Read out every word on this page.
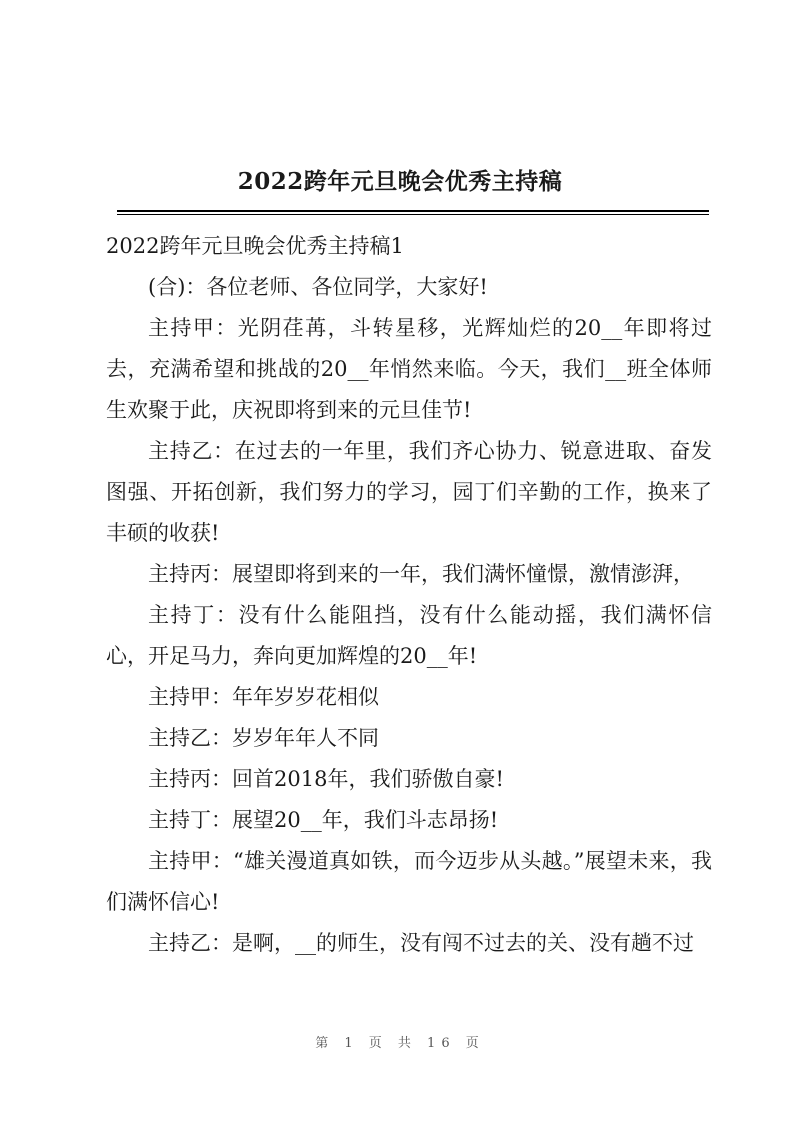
2022跨年元旦晚会优秀主持稿

2022跨年元旦晚会优秀主持稿1

(合)：各位老师、各位同学，大家好!

主持甲：光阴荏苒，斗转星移，光辉灿烂的20__年即将过去，充满希望和挑战的20__年悄然来临。今天，我们__班全体师生欢聚于此，庆祝即将到来的元旦佳节!

主持乙：在过去的一年里，我们齐心协力、锐意进取、奋发图强、开拓创新，我们努力的学习，园丁们辛勤的工作，换来了丰硕的收获!

主持丙：展望即将到来的一年，我们满怀憧憬，激情澎湃，

主持丁：没有什么能阻挡，没有什么能动摇，我们满怀信心，开足马力，奔向更加辉煌的20__年!

主持甲：年年岁岁花相似

主持乙：岁岁年年人不同

主持丙：回首2018年，我们骄傲自豪!

主持丁：展望20__年，我们斗志昂扬!

主持甲：“雄关漫道真如铁，而今迈步从头越。”展望未来，我们满怀信心!

主持乙：是啊，__的师生，没有闯不过去的关、没有趟不过

第 1 页 共 16 页
